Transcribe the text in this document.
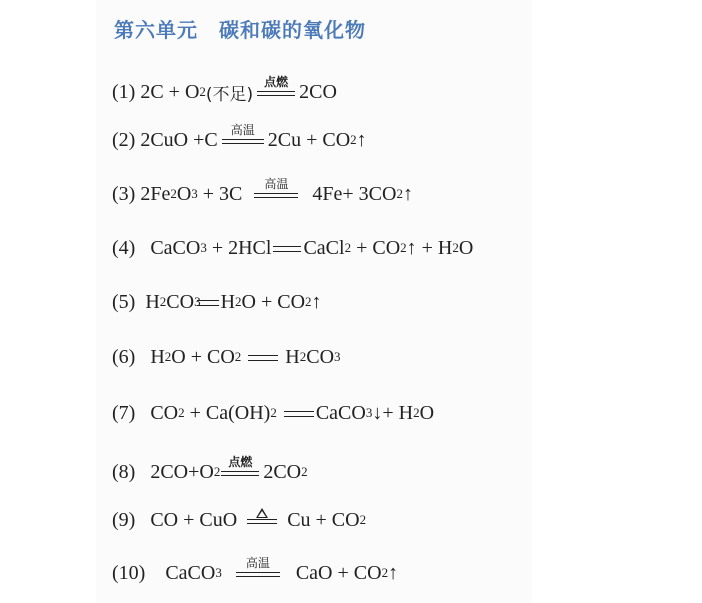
第六单元　碳和碳的氧化物
(1)
2C + O 2 (不足)
点燃 2CO
(2)
2CuO +C 高温 2Cu + CO 2 ↑
(3)
2Fe 2 O 3 + 3C 高温 4Fe+ 3CO 2 ↑
(4)
CaCO 3 + 2HCl CaCl 2 + CO 2 ↑ + H 2 O
(5)
H 2 CO 3 H 2 O + CO 2 ↑
(6)
H 2 O + CO 2

H 2 CO 3
(7)
CO 2 + Ca(OH) 2
CaCO 3 ↓+ H 2 O
(8)
2CO+O 2
点燃 2CO 2
(9)
CO + CuO	Cu + CO 2
(10)
CaCO 3
高温 CaO + CO 2 ↑
